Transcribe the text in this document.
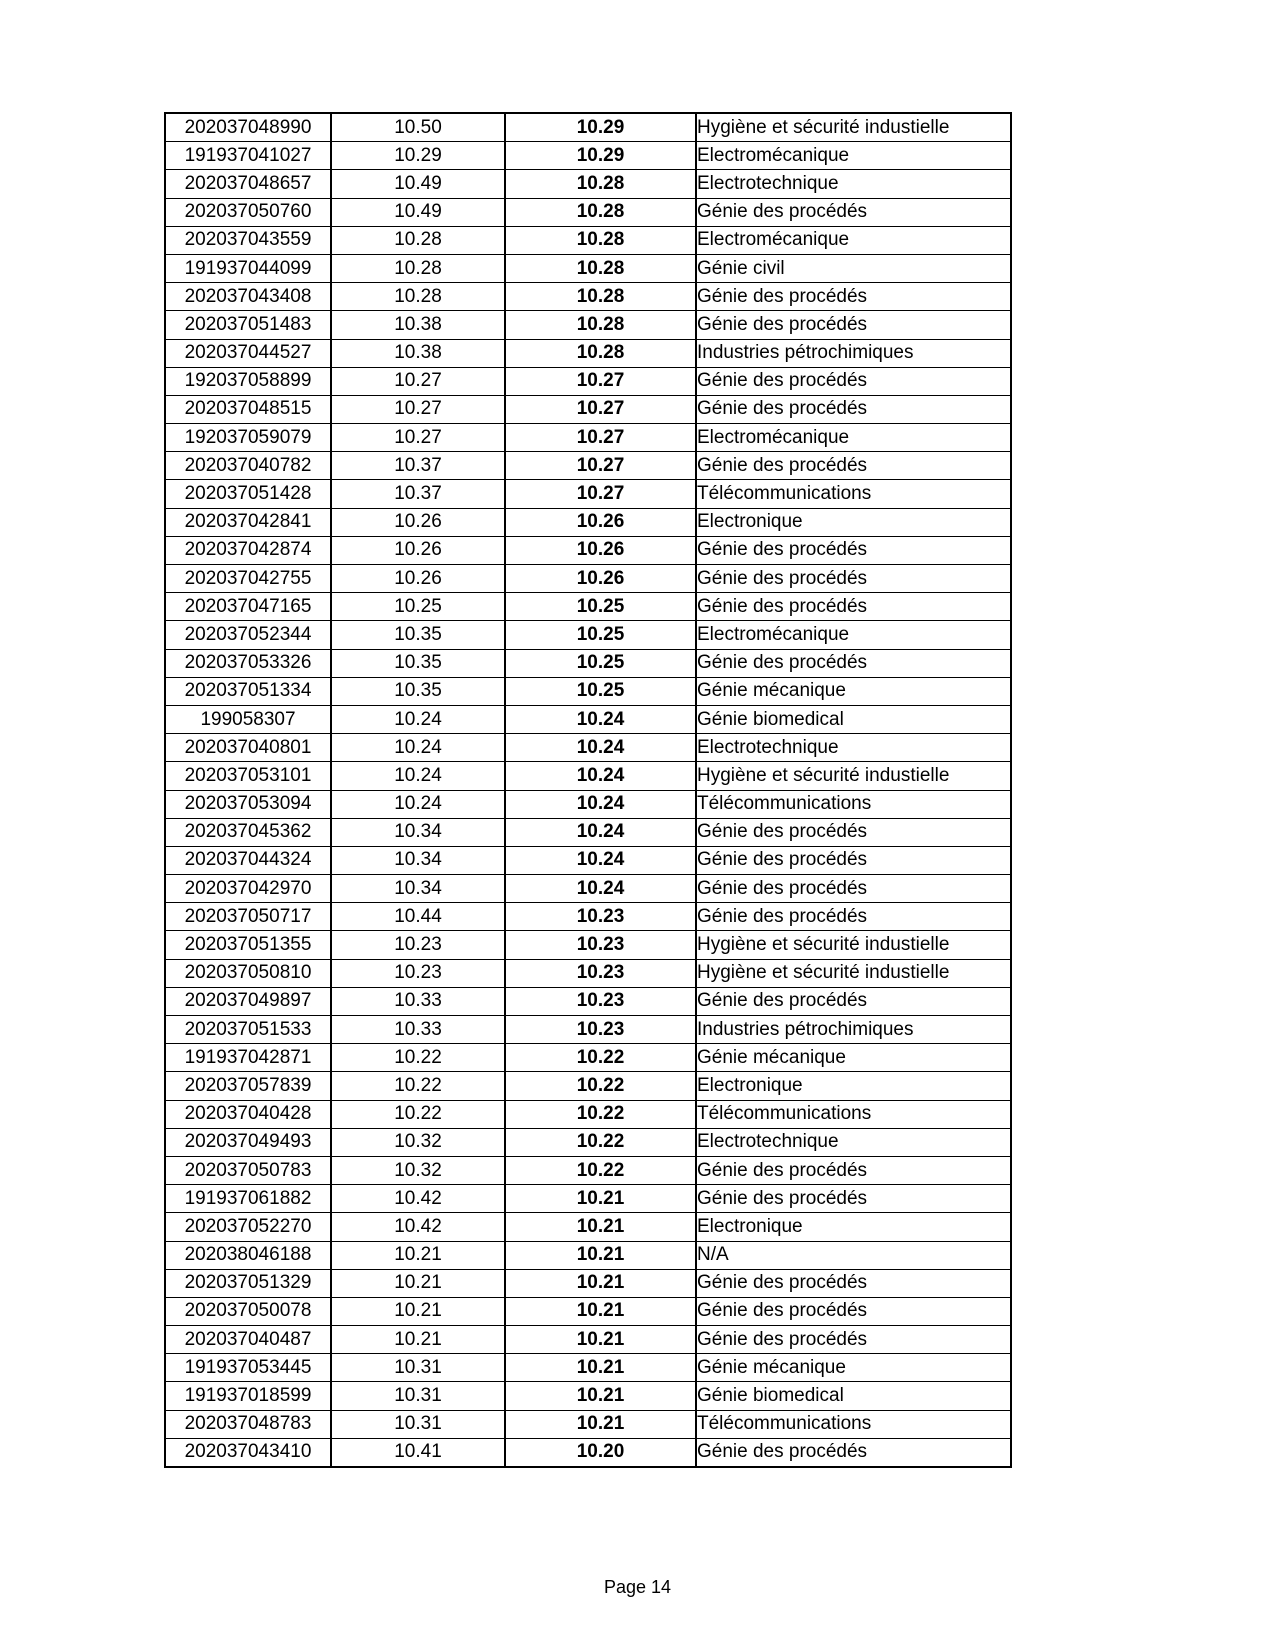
202037048990	10.50	10.29	Hygiène et sécurité industielle
191937041027	10.29	10.29	Electromécanique
202037048657	10.49	10.28	Electrotechnique
202037050760	10.49	10.28	Génie des procédés
202037043559	10.28	10.28	Electromécanique
191937044099	10.28	10.28	Génie civil
202037043408	10.28	10.28	Génie des procédés
202037051483	10.38	10.28	Génie des procédés
202037044527	10.38	10.28	Industries pétrochimiques
192037058899	10.27	10.27	Génie des procédés
202037048515	10.27	10.27	Génie des procédés
192037059079	10.27	10.27	Electromécanique
202037040782	10.37	10.27	Génie des procédés
202037051428	10.37	10.27	Télécommunications
202037042841	10.26	10.26	Electronique
202037042874	10.26	10.26	Génie des procédés
202037042755	10.26	10.26	Génie des procédés
202037047165	10.25	10.25	Génie des procédés
202037052344	10.35	10.25	Electromécanique
202037053326	10.35	10.25	Génie des procédés
202037051334	10.35	10.25	Génie mécanique
199058307	10.24	10.24	Génie biomedical
202037040801	10.24	10.24	Electrotechnique
202037053101	10.24	10.24	Hygiène et sécurité industielle
202037053094	10.24	10.24	Télécommunications
202037045362	10.34	10.24	Génie des procédés
202037044324	10.34	10.24	Génie des procédés
202037042970	10.34	10.24	Génie des procédés
202037050717	10.44	10.23	Génie des procédés
202037051355	10.23	10.23	Hygiène et sécurité industielle
202037050810	10.23	10.23	Hygiène et sécurité industielle
202037049897	10.33	10.23	Génie des procédés
202037051533	10.33	10.23	Industries pétrochimiques
191937042871	10.22	10.22	Génie mécanique
202037057839	10.22	10.22	Electronique
202037040428	10.22	10.22	Télécommunications
202037049493	10.32	10.22	Electrotechnique
202037050783	10.32	10.22	Génie des procédés
191937061882	10.42	10.21	Génie des procédés
202037052270	10.42	10.21	Electronique
202038046188	10.21	10.21	N/A
202037051329	10.21	10.21	Génie des procédés
202037050078	10.21	10.21	Génie des procédés
202037040487	10.21	10.21	Génie des procédés
191937053445	10.31	10.21	Génie mécanique
191937018599	10.31	10.21	Génie biomedical
202037048783	10.31	10.21	Télécommunications
202037043410	10.41	10.20	Génie des procédés
Page 14
